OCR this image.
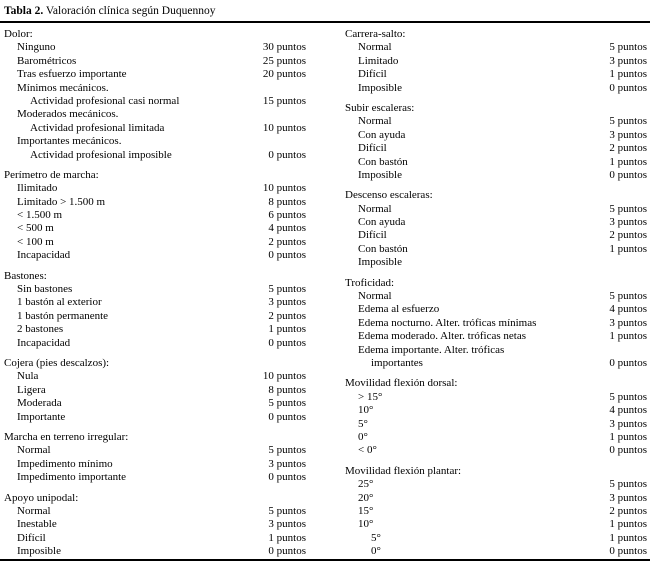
Tabla 2. Valoración clínica según Duquennoy
Dolor:
Ninguno	30 puntos
Barométricos	25 puntos
Tras esfuerzo importante	20 puntos
Mínimos mecánicos.
Actividad profesional casi normal	15 puntos
Moderados mecánicos.
Actividad profesional limitada	10 puntos
Importantes mecánicos.
Actividad profesional imposible	0 puntos
Perímetro de marcha:
Ilimitado	10 puntos
Limitado > 1.500 m	8 puntos
< 1.500 m	6 puntos
< 500 m	4 puntos
< 100 m	2 puntos
Incapacidad	0 puntos
Bastones:
Sin bastones	5 puntos
1 bastón al exterior	3 puntos
1 bastón permanente	2 puntos
2 bastones	1 puntos
Incapacidad	0 puntos
Cojera (pies descalzos):
Nula	10 puntos
Ligera	8 puntos
Moderada	5 puntos
Importante	0 puntos
Marcha en terreno irregular:
Normal	5 puntos
Impedimento mínimo	3 puntos
Impedimento importante	0 puntos
Apoyo unipodal:
Normal	5 puntos
Inestable	3 puntos
Difícil	1 puntos
Imposible	0 puntos
Carrera-salto:
Normal	5 puntos
Limitado	3 puntos
Difícil	1 puntos
Imposible	0 puntos
Subir escaleras:
Normal	5 puntos
Con ayuda	3 puntos
Difícil	2 puntos
Con bastón	1 puntos
Imposible	0 puntos
Descenso escaleras:
Normal	5 puntos
Con ayuda	3 puntos
Difícil	2 puntos
Con bastón	1 puntos
Imposible
Troficidad:
Normal	5 puntos
Edema al esfuerzo	4 puntos
Edema nocturno. Alter. tróficas mínimas	3 puntos
Edema moderado. Alter. tróficas netas	1 puntos
Edema importante. Alter. tróficas
importantes	0 puntos
Movilidad flexión dorsal:
> 15°	5 puntos
10°	4 puntos
5°	3 puntos
0°	1 puntos
< 0°	0 puntos
Movilidad flexión plantar:
25°	5 puntos
20°	3 puntos
15°	2 puntos
10°	1 puntos
5°	1 puntos
0°	0 puntos
